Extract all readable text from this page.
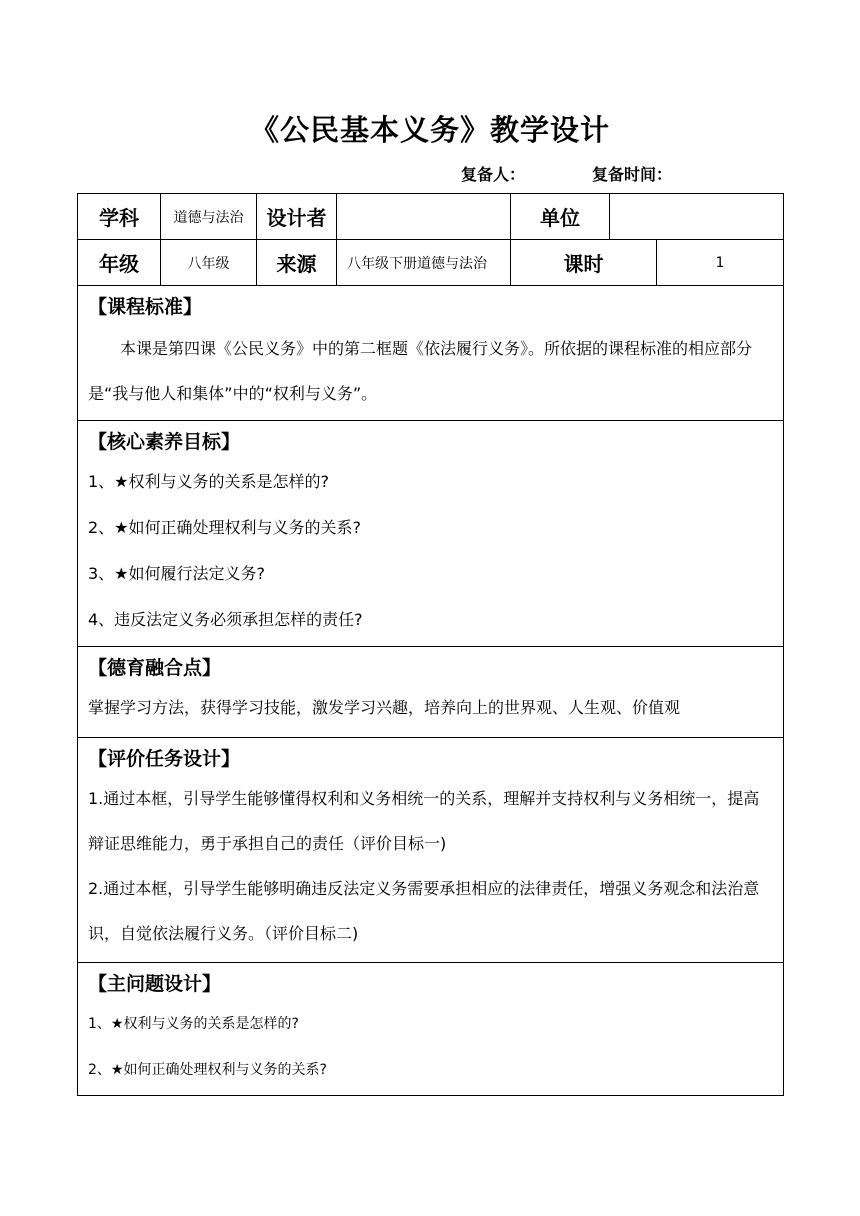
《公民基本义务》教学设计
复备人：	复备时间：
学科	道德与法治	设计者		单位		
年级	八年级	来源	八年级下册道德与法治	课时		1

【课程标准】
本课是第四课《公民义务》中的第二框题《依法履行义务》。所依据的课程标准的相应部分是“我与他人和集体”中的“权利与义务”。						

【核心素养目标】
1、★权利与义务的关系是怎样的?
2、★如何正确处理权利与义务的关系?
3、★如何履行法定义务?
4、违反法定义务必须承担怎样的责任?						

【德育融合点】
掌握学习方法，获得学习技能，激发学习兴趣，培养向上的世界观、人生观、价值观						

【评价任务设计】
1.通过本框，引导学生能够懂得权利和义务相统一的关系，理解并支持权利与义务相统一，提高辩证思维能力，勇于承担自己的责任（评价目标一)
2.通过本框，引导学生能够明确违反法定义务需要承担相应的法律责任，增强义务观念和法治意识，自觉依法履行义务。（评价目标二)						

【主问题设计】
1、★权利与义务的关系是怎样的?
2、★如何正确处理权利与义务的关系?						
